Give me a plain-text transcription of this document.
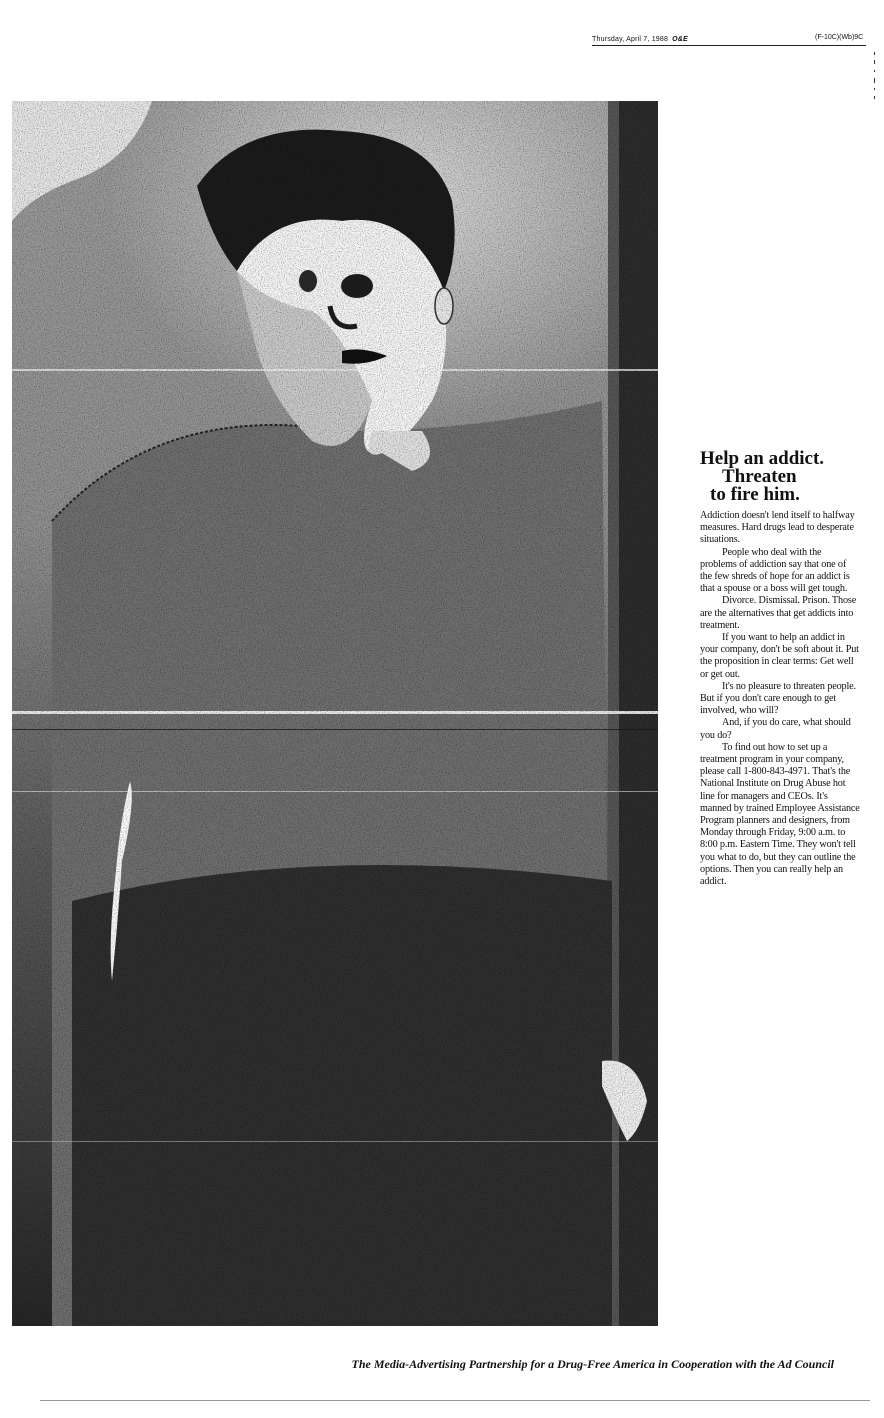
Thursday, April 7, 1988 O&E	(F-10C)(Wb)9C
Help an addict.
Threaten
to fire him.

Addiction doesn't lend itself to halfway measures. Hard drugs lead to desperate situations.

People who deal with the problems of addiction say that one of the few shreds of hope for an addict is that a spouse or a boss will get tough.

Divorce. Dismissal. Prison. Those are the alternatives that get addicts into treatment.

If you want to help an addict in your company, don't be soft about it. Put the proposition in clear terms: Get well or get out.

It's no pleasure to threaten people. But if you don't care enough to get involved, who will?

And, if you do care, what should you do?

To find out how to set up a treatment program in your company, please call 1-800-843-4971. That's the National Institute on Drug Abuse hot line for managers and CEOs. It's manned by trained Employee Assistance Program planners and designers, from Monday through Friday, 9:00 a.m. to 8:00 p.m. Eastern Time. They won't tell you what to do, but they can outline the options. Then you can really help an addict.

The Media-Advertising Partnership for a Drug-Free America in Cooperation with the Ad Council
